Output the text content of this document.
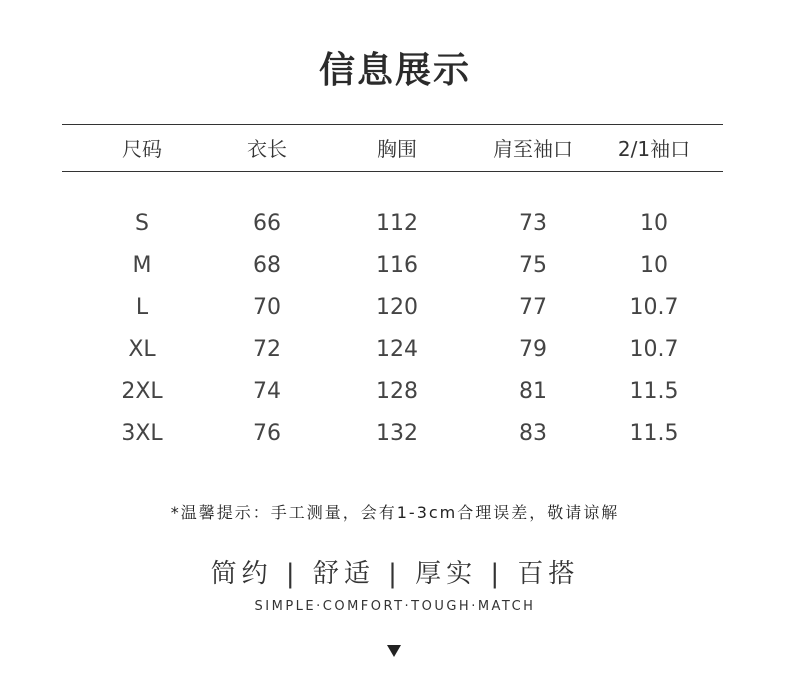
信息展示
尺码	衣长	胸围	肩至袖口	2/1袖口
S	66	112	73	10
M	68	116	75	10
L	70	120	77	10.7
XL	72	124	79	10.7
2XL	74	128	81	11.5
3XL	76	132	83	11.5
*温馨提示：手工测量，会有1-3cm合理误差，敬请谅解
简约 | 舒适 | 厚实 | 百搭
SIMPLE·COMFORT·TOUGH·MATCH
